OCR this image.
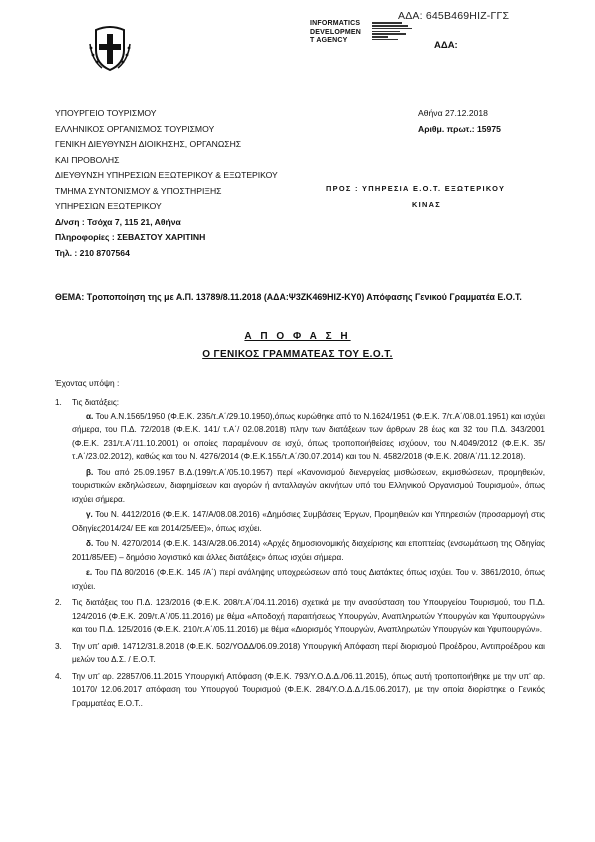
ΑΔΑ: 645Β469ΗΙΖ-ΓΓΣ
ΑΔΑ:
INFORMATICS
DEVELOPMEN
T AGENCY
ΥΠΟΥΡΓΕΙΟ ΤΟΥΡΙΣΜΟΥ
ΕΛΛΗΝΙΚΟΣ ΟΡΓΑΝΙΣΜΟΣ ΤΟΥΡΙΣΜΟΥ
ΓΕΝΙΚΗ ΔΙΕΥΘΥΝΣΗ ΔΙΟΙΚΗΣΗΣ, ΟΡΓΑΝΩΣΗΣ
ΚΑΙ ΠΡΟΒΟΛΗΣ
ΔΙΕΥΘΥΝΣΗ ΥΠΗΡΕΣΙΩΝ ΕΞΩΤΕΡΙΚΟΥ & ΕΞΩΤΕΡΙΚΟΥ
ΤΜΗΜΑ ΣΥΝΤΟΝΙΣΜΟΥ & ΥΠΟΣΤΗΡΙΞΗΣ
ΥΠΗΡΕΣΙΩΝ ΕΞΩΤΕΡΙΚΟΥ
Δ/νση : Τσόχα 7, 115 21, Αθήνα
Πληροφορίες : ΣΕΒΑΣΤΟΥ ΧΑΡΙΤΙΝΗ
Τηλ. : 210 8707564
Αθήνα 27.12.2018
Αριθμ. πρωτ.: 15975
ΠΡΟΣ : ΥΠΗΡΕΣΙΑ Ε.Ο.Τ. ΕΞΩΤΕΡΙΚΟΥ
ΚΙΝΑΣ
ΘΕΜΑ: Τροποποίηση της με Α.Π. 13789/8.11.2018 (ΑΔΑ:Ψ3ΖΚ469ΗΙΖ-ΚΥ0) Απόφασης Γενικού Γραμματέα Ε.Ο.Τ.
Α Π Ο Φ Α Σ Η
Ο ΓΕΝΙΚΟΣ ΓΡΑΜΜΑΤΕΑΣ ΤΟΥ Ε.Ο.Τ.
Έχοντας υπόψη :
1. Τις διατάξεις:
α. Του Α.Ν.1565/1950 (Φ.Ε.Κ. 235/τ.Α΄/29.10.1950),όπως κυρώθηκε από το Ν.1624/1951 (Φ.Ε.Κ. 7/τ.Α΄/08.01.1951) και ισχύει σήμερα, του Π.Δ. 72/2018 (Φ.Ε.Κ. 141/ τ.Α΄/ 02.08.2018) πλην των διατάξεων των άρθρων 28 έως και 32 του Π.Δ. 343/2001 (Φ.Ε.Κ. 231/τ.Α΄/11.10.2001) οι οποίες παραμένουν σε ισχύ, όπως τροποποιήθείσες ισχύουν, του Ν.4049/2012 (Φ.Ε.Κ. 35/τ.Α΄/23.02.2012), καθώς και του Ν. 4276/2014 (Φ.Ε.Κ.155/τ.Α΄/30.07.2014) και του Ν. 4582/2018 (Φ.Ε.Κ. 208/Α΄/11.12.2018).
β. Του από 25.09.1957 Β.Δ.(199/τ.Α΄/05.10.1957) περί «Κανονισμού διενεργείας μισθώσεων, εκμισθώσεων, προμηθειών, τουριστικών εκδηλώσεων, διαφημίσεων και αγορών ή ανταλλαγών ακινήτων υπό του Ελληνικού Οργανισμού Τουρισμού», όπως ισχύει σήμερα.
γ. Του Ν. 4412/2016 (Φ.Ε.Κ. 147/Α/08.08.2016) «Δημόσιες Συμβάσεις Έργων, Προμηθειών και Υπηρεσιών (προσαρμογή στις Οδηγίες2014/24/ ΕΕ και 2014/25/ΕΕ)», όπως ισχύει.
δ. Του Ν. 4270/2014 (Φ.Ε.Κ. 143/Α/28.06.2014) «Αρχές δημοσιονομικής διαχείρισης και εποπτείας (ενσωμάτωση της Οδηγίας 2011/85/ΕΕ) – δημόσιο λογιστικό και άλλες διατάξεις» όπως ισχύει σήμερα.
ε. Του ΠΔ 80/2016 (Φ.Ε.Κ. 145 /Α΄) περί ανάληψης υποχρεώσεων από τους Διατάκτες όπως ισχύει. Του ν. 3861/2010, όπως ισχύει.
2. Τις διατάξεις του Π.Δ. 123/2016 (Φ.Ε.Κ. 208/τ.Α΄/04.11.2016) σχετικά με την ανασύσταση του Υπουργείου Τουρισμού, του Π.Δ. 124/2016 (Φ.Ε.Κ. 209/τ.Α΄/05.11.2016) με θέμα «Αποδοχή παραιτήσεως Υπουργών, Αναπληρωτών Υπουργών και Υφυπουργών» και του Π.Δ. 125/2016 (Φ.Ε.Κ. 210/τ.Α΄/05.11.2016) με θέμα «Διορισμός Υπουργών, Αναπληρωτών Υπουργών και Υφυπουργών».
3. Την υπ’ αριθ. 14712/31.8.2018 (Φ.Ε.Κ. 502/ΥΟΔΔ/06.09.2018) Υπουργική Απόφαση περί διορισμού Προέδρου, Αντιπροέδρου και μελών του Δ.Σ. / Ε.Ο.Τ.
4. Την υπ’ αρ. 22857/06.11.2015 Υπουργική Απόφαση (Φ.Ε.Κ. 793/Υ.Ο.Δ.Δ./06.11.2015), όπως αυτή τροποποιήθηκε με την υπ’ αρ. 10170/ 12.06.2017 απόφαση του Υπουργού Τουρισμού (Φ.Ε.Κ. 284/Υ.Ο.Δ.Δ./15.06.2017), με την οποία διορίστηκε ο Γενικός Γραμματέας Ε.Ο.Τ..
